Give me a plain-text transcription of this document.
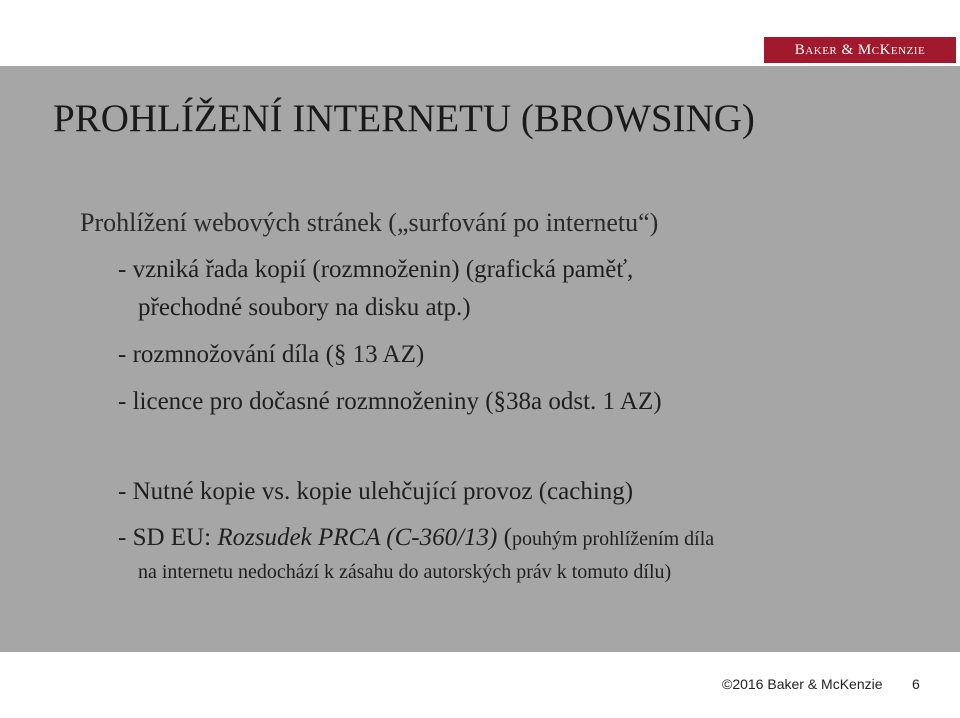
Baker & McKenzie
PROHLÍŽENÍ INTERNETU (BROWSING)

Prohlížení webových stránek („surfování po internetu“)

- vzniká řada kopií (rozmnoženin) (grafická paměť,

přechodné soubory na disku atp.)

- rozmnožování díla (§ 13 AZ)

- licence pro dočasné rozmnoženiny (§38a odst. 1 AZ)

- Nutné kopie vs. kopie ulehčující provoz (caching)

- SD EU: Rozsudek PRCA (C-360/13) (pouhým prohlížením díla

na internetu nedochází k zásahu do autorských práv k tomuto dílu)

©2016 Baker & McKenzie 6
